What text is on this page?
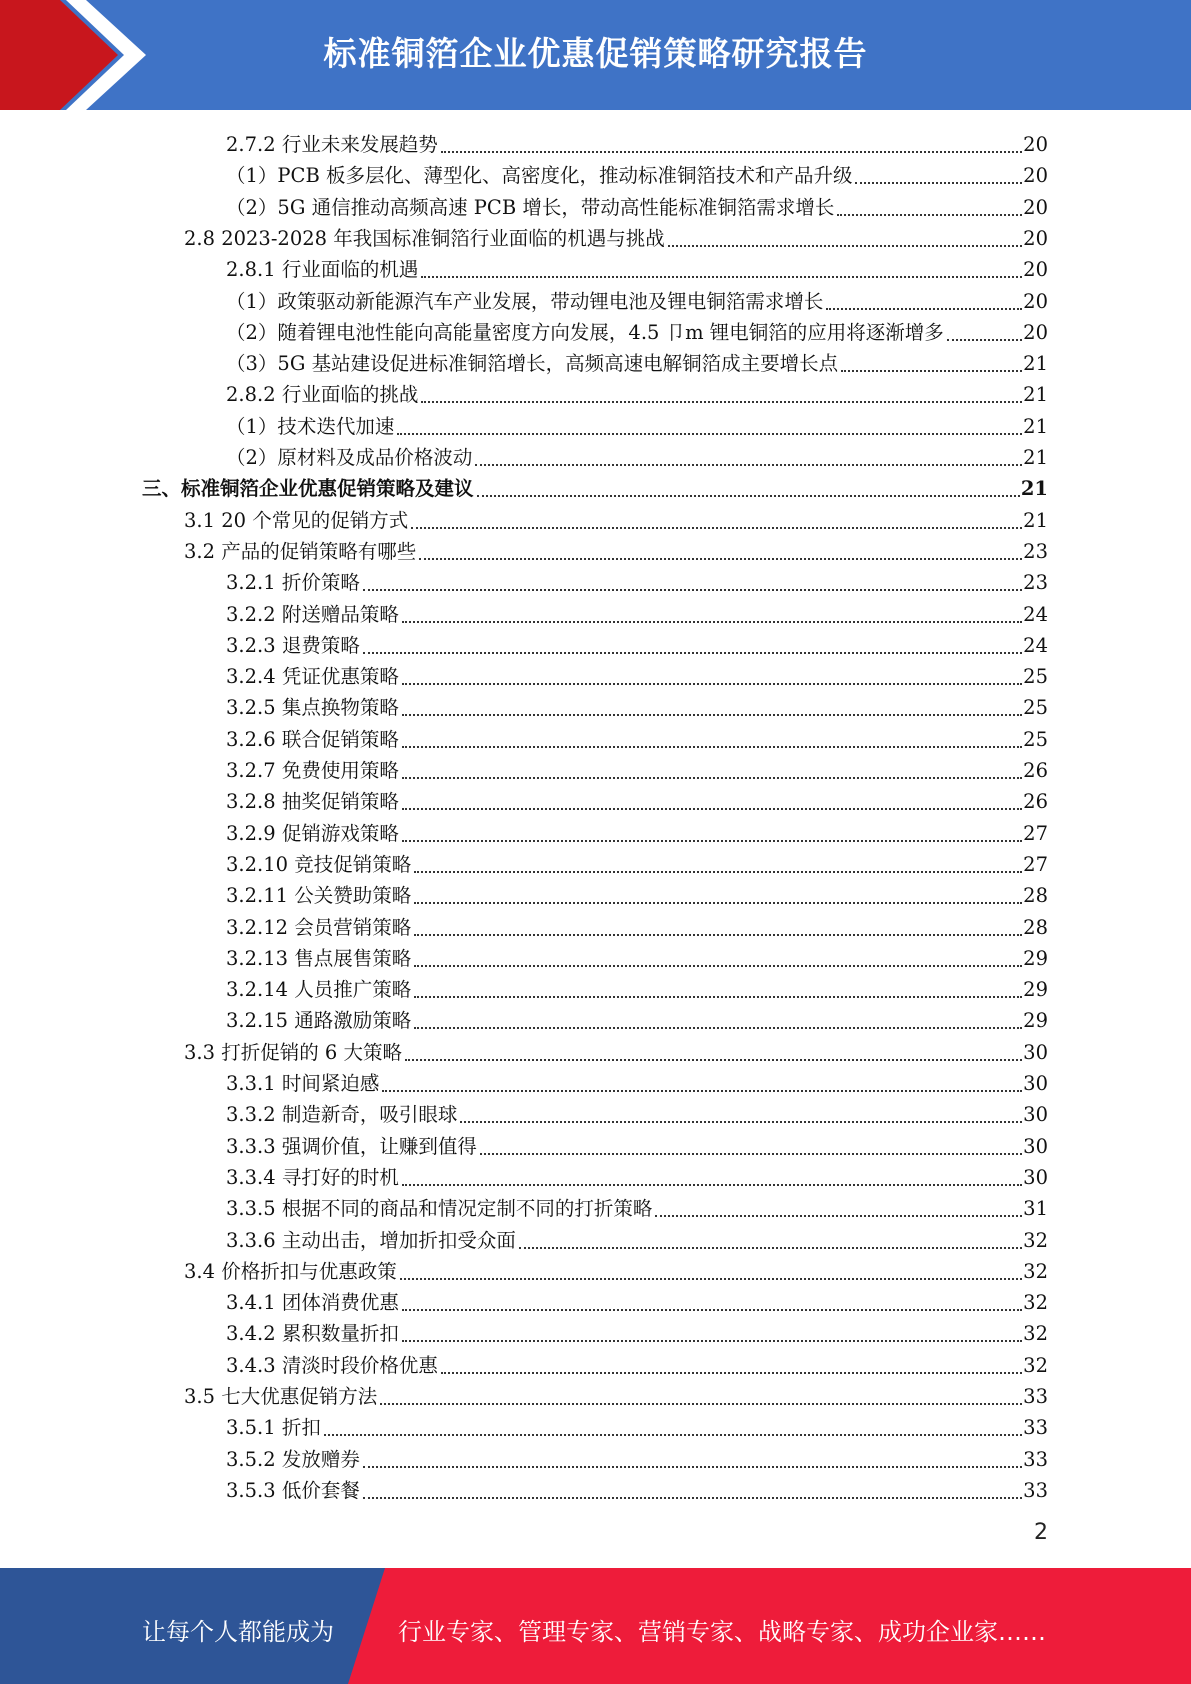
标准铜箔企业优惠促销策略研究报告
2.7.2 行业未来发展趋势	20
（1）PCB 板多层化、薄型化、高密度化，推动标准铜箔技术和产品升级	20
（2）5G 通信推动高频高速 PCB 增长，带动高性能标准铜箔需求增长	20
2.8 2023-2028 年我国标准铜箔行业面临的机遇与挑战	20
2.8.1 行业面临的机遇	20
（1）政策驱动新能源汽车产业发展，带动锂电池及锂电铜箔需求增长	20
（2）随着锂电池性能向高能量密度方向发展，4.5 卩m 锂电铜箔的应用将逐渐增多	20
（3）5G 基站建设促进标准铜箔增长，高频高速电解铜箔成主要增长点	21
2.8.2 行业面临的挑战	21
（1）技术迭代加速	21
（2）原材料及成品价格波动	21
三、标准铜箔企业优惠促销策略及建议	21
3.1 20 个常见的促销方式	21
3.2 产品的促销策略有哪些	23
3.2.1 折价策略	23
3.2.2 附送赠品策略	24
3.2.3 退费策略	24
3.2.4 凭证优惠策略	25
3.2.5 集点换物策略	25
3.2.6 联合促销策略	25
3.2.7 免费使用策略	26
3.2.8 抽奖促销策略	26
3.2.9 促销游戏策略	27
3.2.10 竞技促销策略	27
3.2.11 公关赞助策略	28
3.2.12 会员营销策略	28
3.2.13 售点展售策略	29
3.2.14 人员推广策略	29
3.2.15 通路激励策略	29
3.3 打折促销的 6 大策略	30
3.3.1 时间紧迫感	30
3.3.2 制造新奇，吸引眼球	30
3.3.3 强调价值，让赚到值得	30
3.3.4 寻打好的时机	30
3.3.5 根据不同的商品和情况定制不同的打折策略	31
3.3.6 主动出击，增加折扣受众面	32
3.4 价格折扣与优惠政策	32
3.4.1 团体消费优惠	32
3.4.2 累积数量折扣	32
3.4.3 清淡时段价格优惠	32
3.5 七大优惠促销方法	33
3.5.1 折扣	33
3.5.2 发放赠券	33
3.5.3 低价套餐	33
2
让每个人都能成为	行业专家、管理专家、营销专家、战略专家、成功企业家……
